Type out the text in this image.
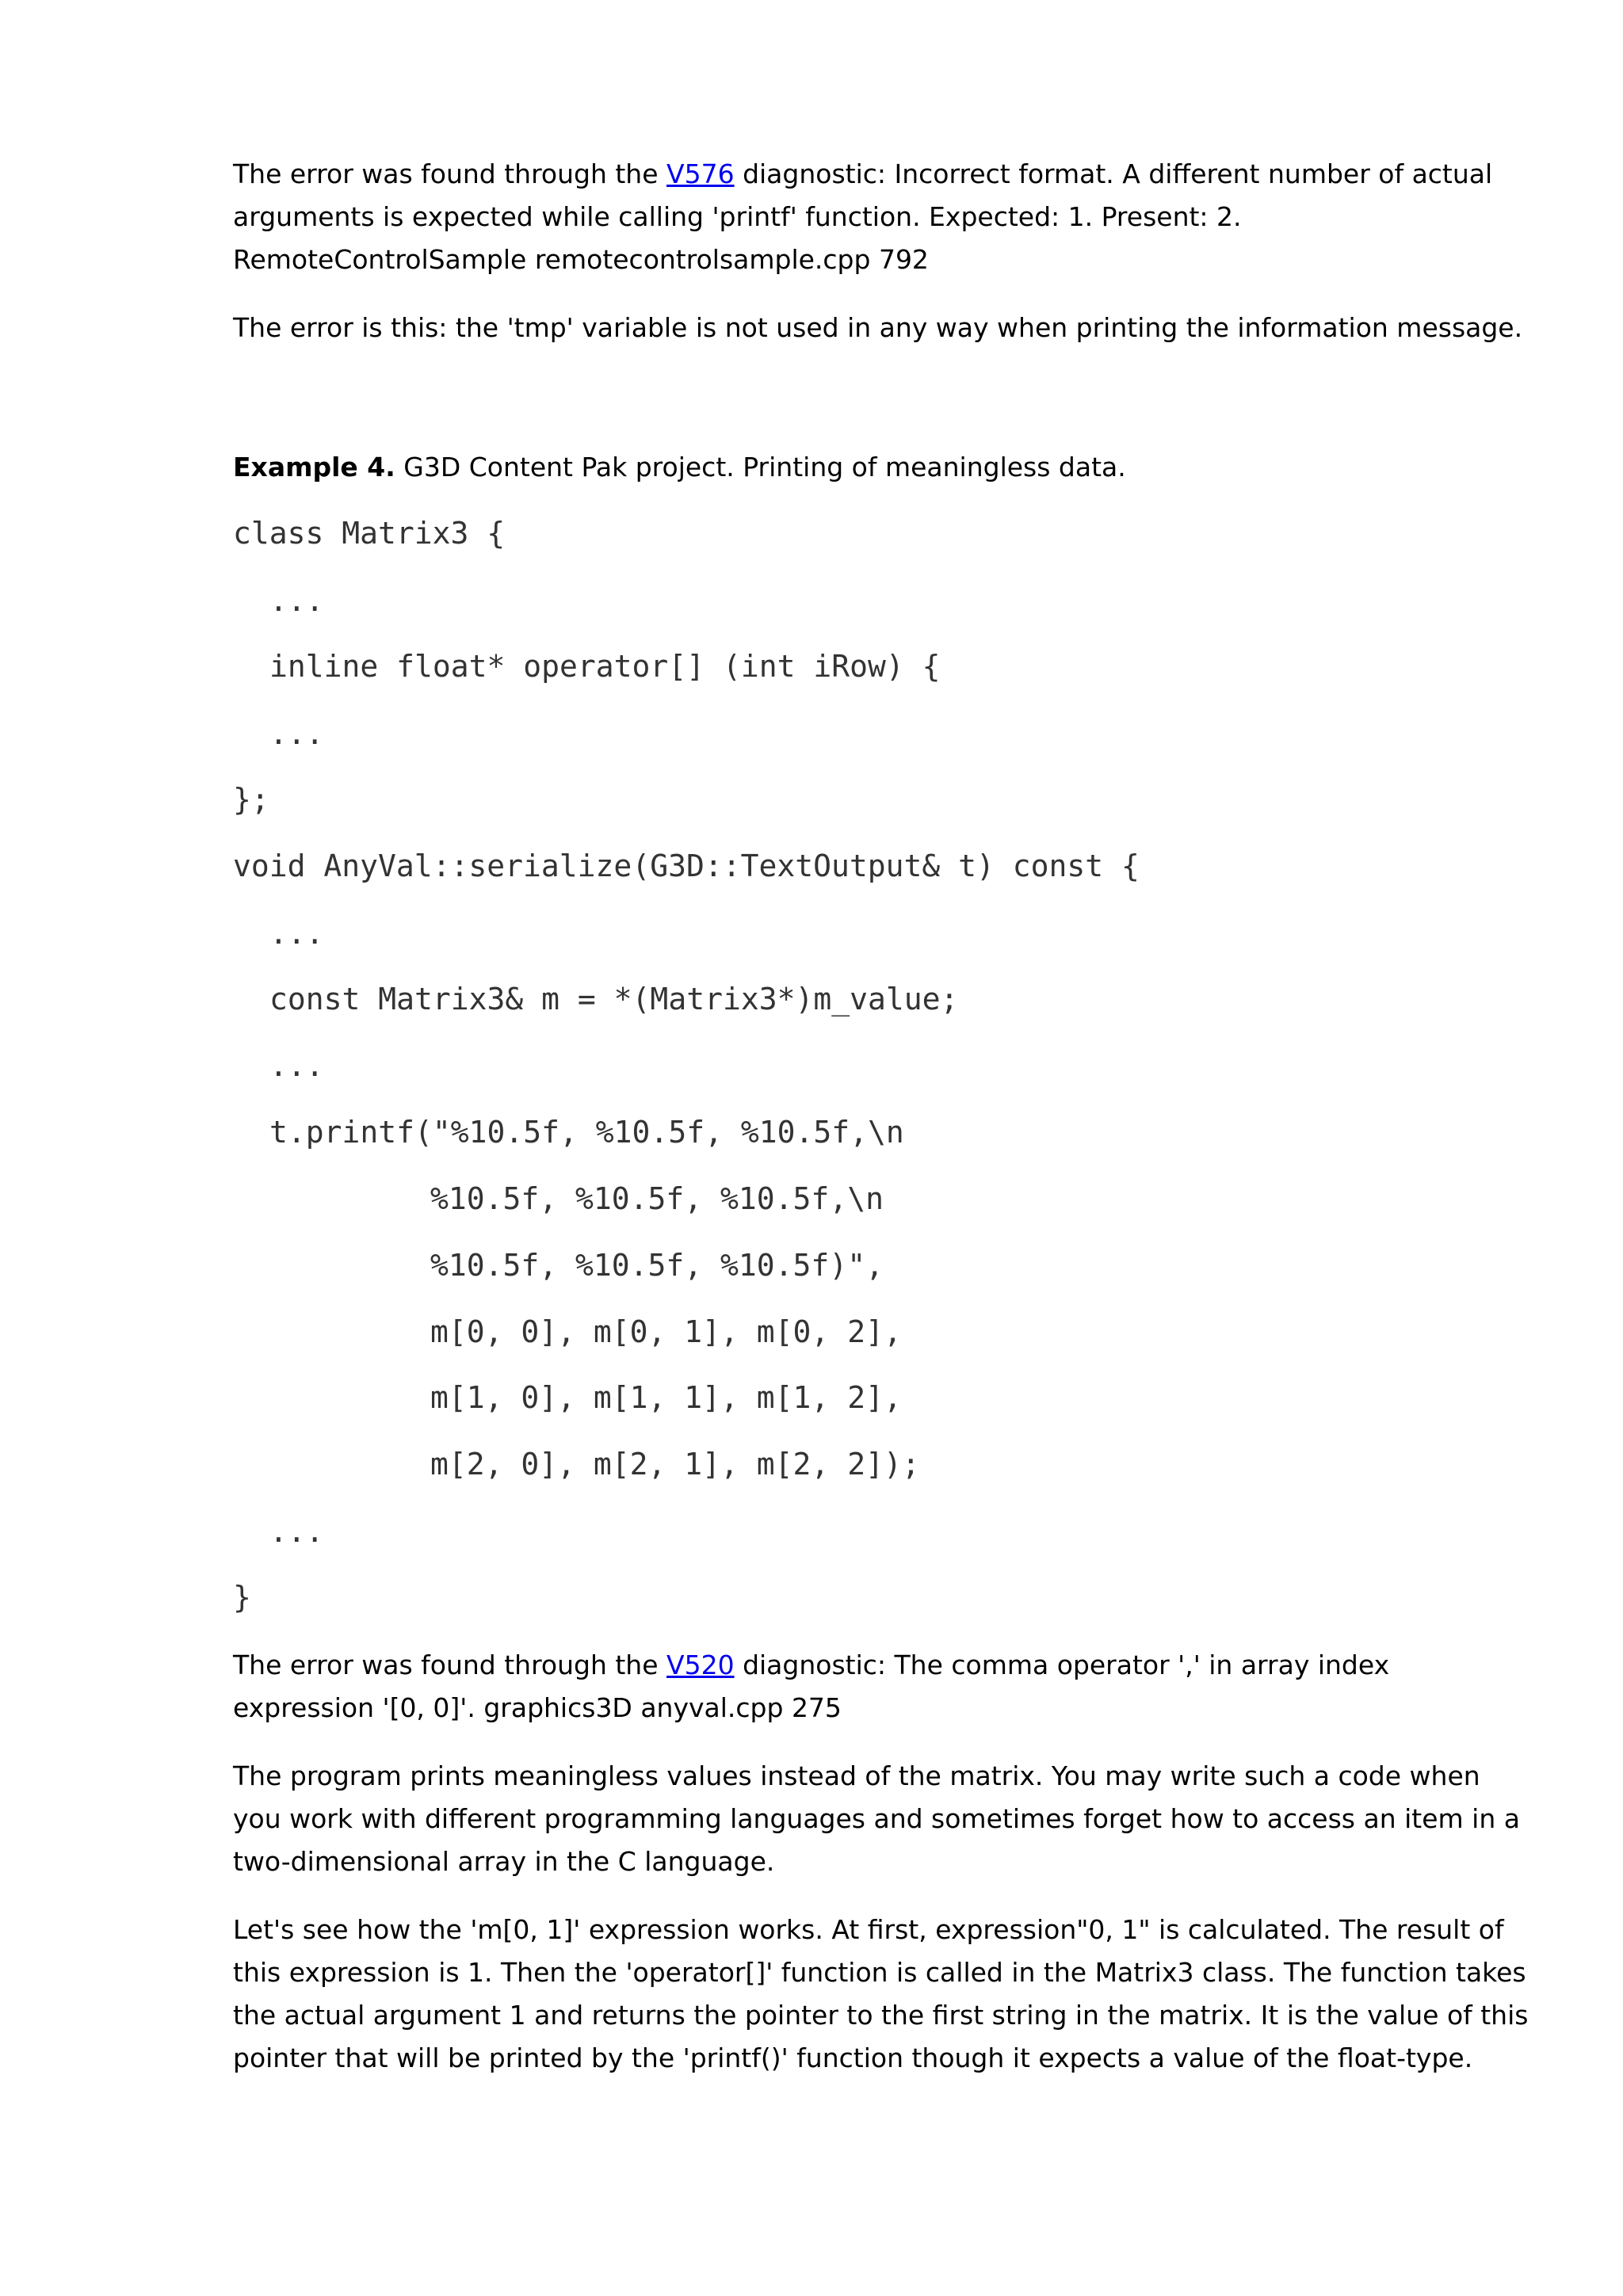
The error was found through the V576 diagnostic: Incorrect format. A different number of actual arguments is expected while calling 'printf' function. Expected: 1. Present: 2. RemoteControlSample remotecontrolsample.cpp 792

The error is this: the 'tmp' variable is not used in any way when printing the information message.

Example 4. G3D Content Pak project. Printing of meaningless data.

class Matrix3 {
...
inline float* operator[] (int iRow) {
...
};
void AnyVal::serialize(G3D::TextOutput& t) const {
...
const Matrix3& m = *(Matrix3*)m_value;
...
t.printf("%10.5f, %10.5f, %10.5f,\n
%10.5f, %10.5f, %10.5f,\n
%10.5f, %10.5f, %10.5f)",
m[0, 0], m[0, 1], m[0, 2],
m[1, 0], m[1, 1], m[1, 2],
m[2, 0], m[2, 1], m[2, 2]);
...
}

The error was found through the V520 diagnostic: The comma operator ',' in array index expression '[0, 0]'. graphics3D anyval.cpp 275

The program prints meaningless values instead of the matrix. You may write such a code when you work with different programming languages and sometimes forget how to access an item in a two-dimensional array in the C language.

Let's see how the 'm[0, 1]' expression works. At first, expression"0, 1" is calculated. The result of this expression is 1. Then the 'operator[]' function is called in the Matrix3 class. The function takes the actual argument 1 and returns the pointer to the first string in the matrix. It is the value of this pointer that will be printed by the 'printf()' function though it expects a value of the float-type.
